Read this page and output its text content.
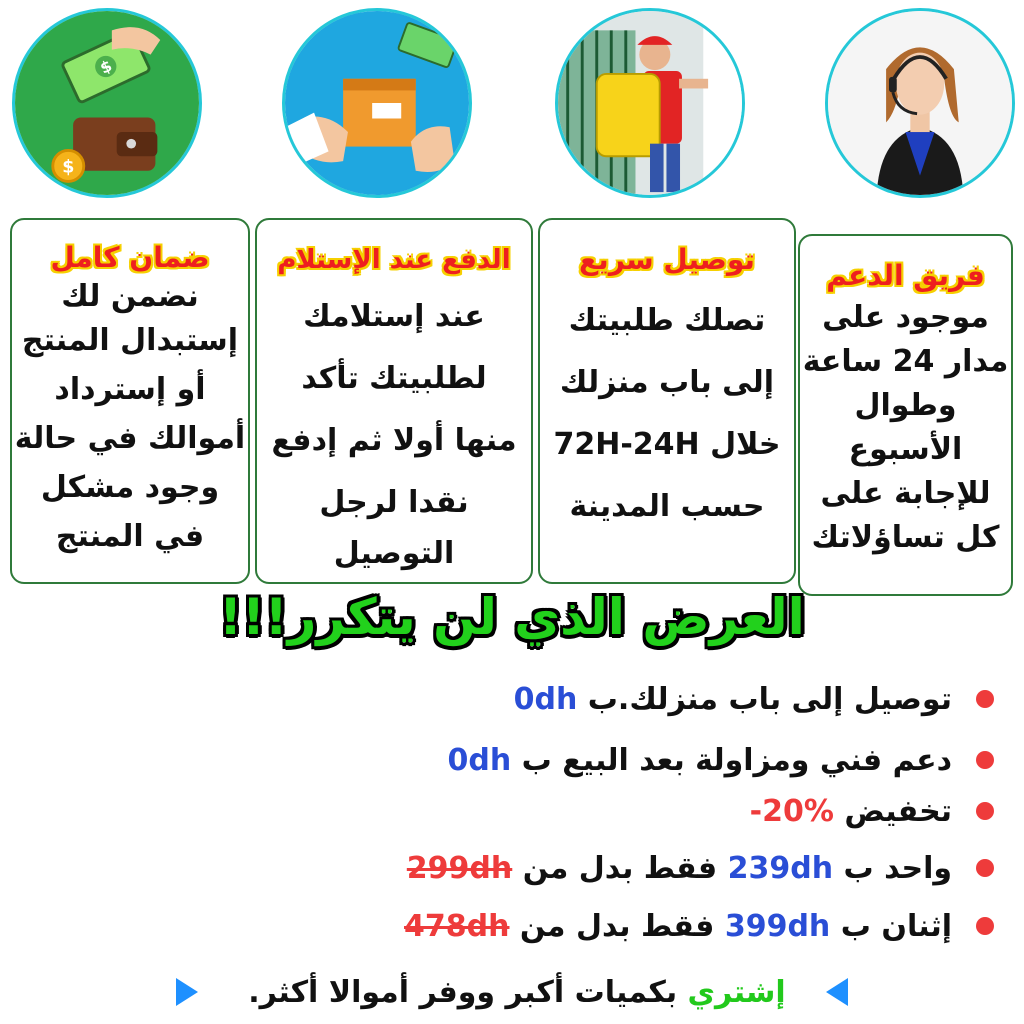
$
$
ضمان كامل
نضمن لك
إستبدال المنتج
أو إسترداد
أموالك في حالة
وجود مشكل
في المنتج
الدفع عند الإستلام
عند إستلامك
لطلبيتك تأكد
منها أولا ثم إدفع
نقدا لرجل
التوصيل
توصيل سريع
تصلك طلبيتك
إلى باب منزلك
خلال 72H-24H
حسب المدينة
فريق الدعم
موجود على
مدار 24 ساعة
وطوال
الأسبوع
للإجابة على
كل تساؤلاتك
العرض الذي لن يتكرر!!!
توصيل إلى باب منزلك.ب 0dh
دعم فني ومزاولة بعد البيع ب 0dh
تخفيض -20%
واحد ب 239dh فقط بدل من 299dh
إثنان ب 399dh فقط بدل من 478dh
إشتري بكميات أكبر ووفر أموالا أكثر.
